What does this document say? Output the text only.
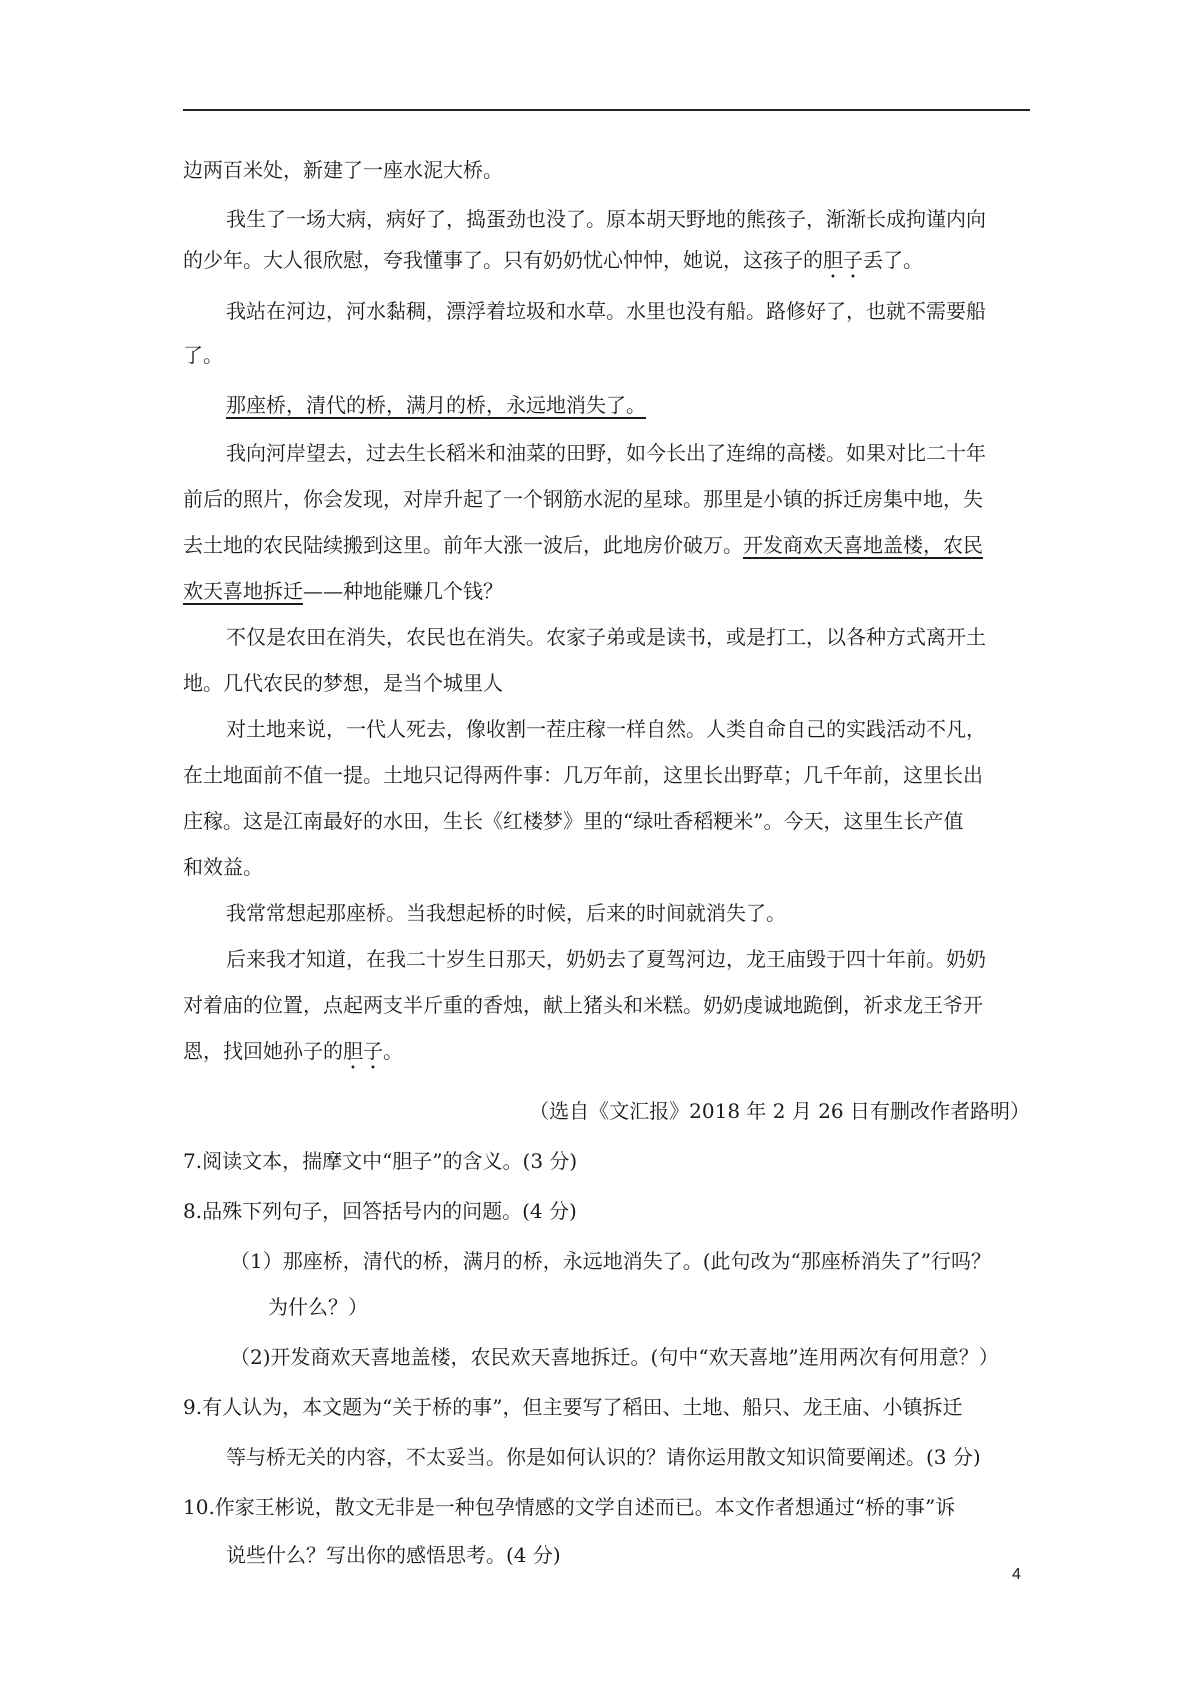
边两百米处，新建了一座水泥大桥。
我生了一场大病，病好了，捣蛋劲也没了。原本胡天野地的熊孩子，渐渐长成拘谨内向
的少年。大人很欣慰，夸我懂事了。只有奶奶忧心忡忡，她说，这孩子的胆子丢了。
我站在河边，河水黏稠，漂浮着垃圾和水草。水里也没有船。路修好了，也就不需要船
了。
那座桥，清代的桥，满月的桥，永远地消失了。
我向河岸望去，过去生长稻米和油菜的田野，如今长出了连绵的高楼。如果对比二十年
前后的照片，你会发现，对岸升起了一个钢筋水泥的星球。那里是小镇的拆迁房集中地，失
去土地的农民陆续搬到这里。前年大涨一波后，此地房价破万。开发商欢天喜地盖楼，农民
欢天喜地拆迁——种地能赚几个钱？
不仅是农田在消失，农民也在消失。农家子弟或是读书，或是打工，以各种方式离开土
地。几代农民的梦想，是当个城里人
对土地来说，一代人死去，像收割一茬庄稼一样自然。人类自命自己的实践活动不凡，
在土地面前不值一提。土地只记得两件事：几万年前，这里长出野草；几千年前，这里长出
庄稼。这是江南最好的水田，生长《红楼梦》里的“绿吐香稻粳米”。今天，这里生长产值
和效益。
我常常想起那座桥。当我想起桥的时候，后来的时间就消失了。
后来我才知道，在我二十岁生日那天，奶奶去了夏驾河边，龙王庙毁于四十年前。奶奶
对着庙的位置，点起两支半斤重的香烛，献上猪头和米糕。奶奶虔诚地跪倒，祈求龙王爷开
恩，找回她孙子的胆子。
（选自《文汇报》2018 年 2 月 26 日有删改作者路明）
7.阅读文本，揣摩文中“胆子”的含义。(3 分)
8.品殊下列句子，回答括号内的问题。(4 分)
（1）那座桥，清代的桥，满月的桥，永远地消失了。(此句改为“那座桥消失了”行吗？
为什么？）
（2)开发商欢天喜地盖楼，农民欢天喜地拆迁。(句中“欢天喜地”连用两次有何用意？）
9.有人认为，本文题为“关于桥的事”，但主要写了稻田、土地、船只、龙王庙、小镇拆迁
等与桥无关的内容，不太妥当。你是如何认识的？请你运用散文知识简要阐述。(3 分)
10.作家王彬说，散文无非是一种包孕情感的文学自述而已。本文作者想通过“桥的事”诉
说些什么？写出你的感悟思考。(4 分)
4
